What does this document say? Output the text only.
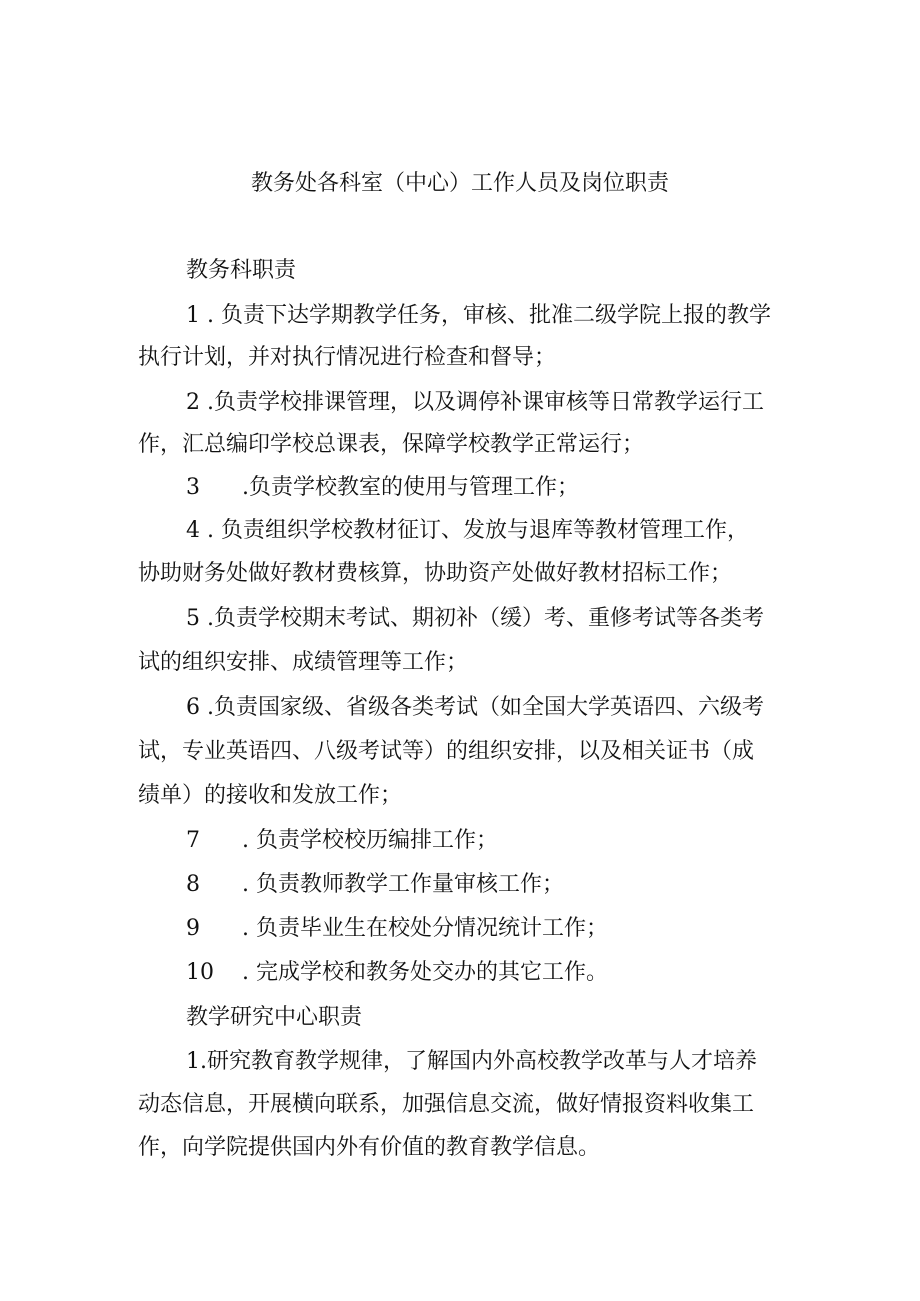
教务处各科室（中心）工作人员及岗位职责
教务科职责
1 . 负责下达学期教学任务，审核、批准二级学院上报的教学
执行计划，并对执行情况进行检查和督导；
2 .负责学校排课管理，以及调停补课审核等日常教学运行工
作，汇总编印学校总课表，保障学校教学正常运行；
3 .负责学校教室的使用与管理工作；
4 . 负责组织学校教材征订、发放与退库等教材管理工作，
协助财务处做好教材费核算，协助资产处做好教材招标工作；
5 .负责学校期末考试、期初补（缓）考、重修考试等各类考
试的组织安排、成绩管理等工作；
6 .负责国家级、省级各类考试（如全国大学英语四、六级考
试，专业英语四、八级考试等）的组织安排，以及相关证书（成
绩单）的接收和发放工作；
7 . 负责学校校历编排工作；
8 . 负责教师教学工作量审核工作；
9 . 负责毕业生在校处分情况统计工作；
10 . 完成学校和教务处交办的其它工作。
教学研究中心职责
1.研究教育教学规律，了解国内外高校教学改革与人才培养
动态信息，开展横向联系，加强信息交流，做好情报资料收集工
作，向学院提供国内外有价值的教育教学信息。
